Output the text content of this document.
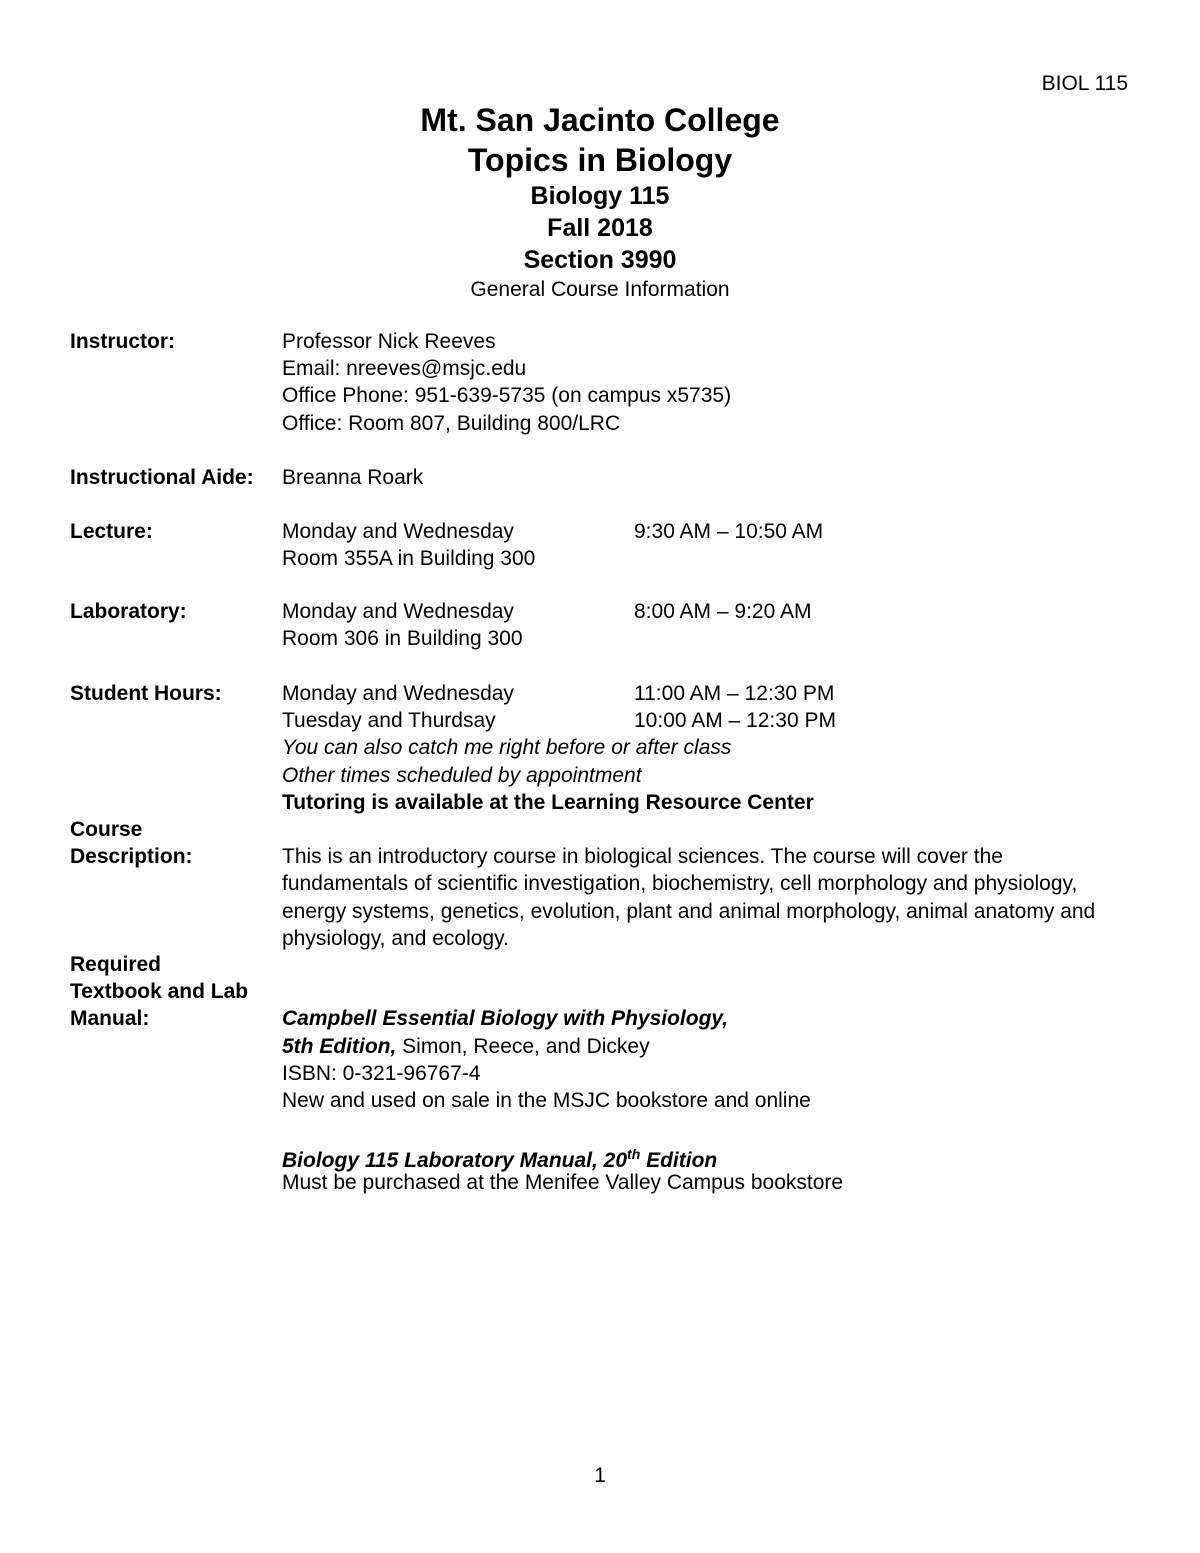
BIOL 115
Mt. San Jacinto College
Topics in Biology
Biology 115
Fall 2018
Section 3990
General Course Information
Instructor:	Professor Nick Reeves
Email: nreeves@msjc.edu
Office Phone: 951-639-5735 (on campus x5735)
Office: Room 807, Building 800/LRC
Instructional Aide:	Breanna Roark
Lecture:	Monday and Wednesday	9:30 AM – 10:50 AM
Room 355A in Building 300
Laboratory:	Monday and Wednesday	8:00 AM – 9:20 AM
Room 306 in Building 300
Student Hours:	Monday and Wednesday	11:00 AM – 12:30 PM
Tuesday and Thurdsay	10:00 AM – 12:30 PM
You can also catch me right before or after class
Other times scheduled by appointment
Tutoring is available at the Learning Resource Center
Course
Description:	This is an introductory course in biological sciences. The course will cover the fundamentals of scientific investigation, biochemistry, cell morphology and physiology, energy systems, genetics, evolution, plant and animal morphology, animal anatomy and physiology, and ecology.
Required
Textbook and Lab
Manual:	Campbell Essential Biology with Physiology,
5th Edition, Simon, Reece, and Dickey
ISBN: 0-321-96767-4
New and used on sale in the MSJC bookstore and online
Biology 115 Laboratory Manual, 20th Edition
Must be purchased at the Menifee Valley Campus bookstore
1
